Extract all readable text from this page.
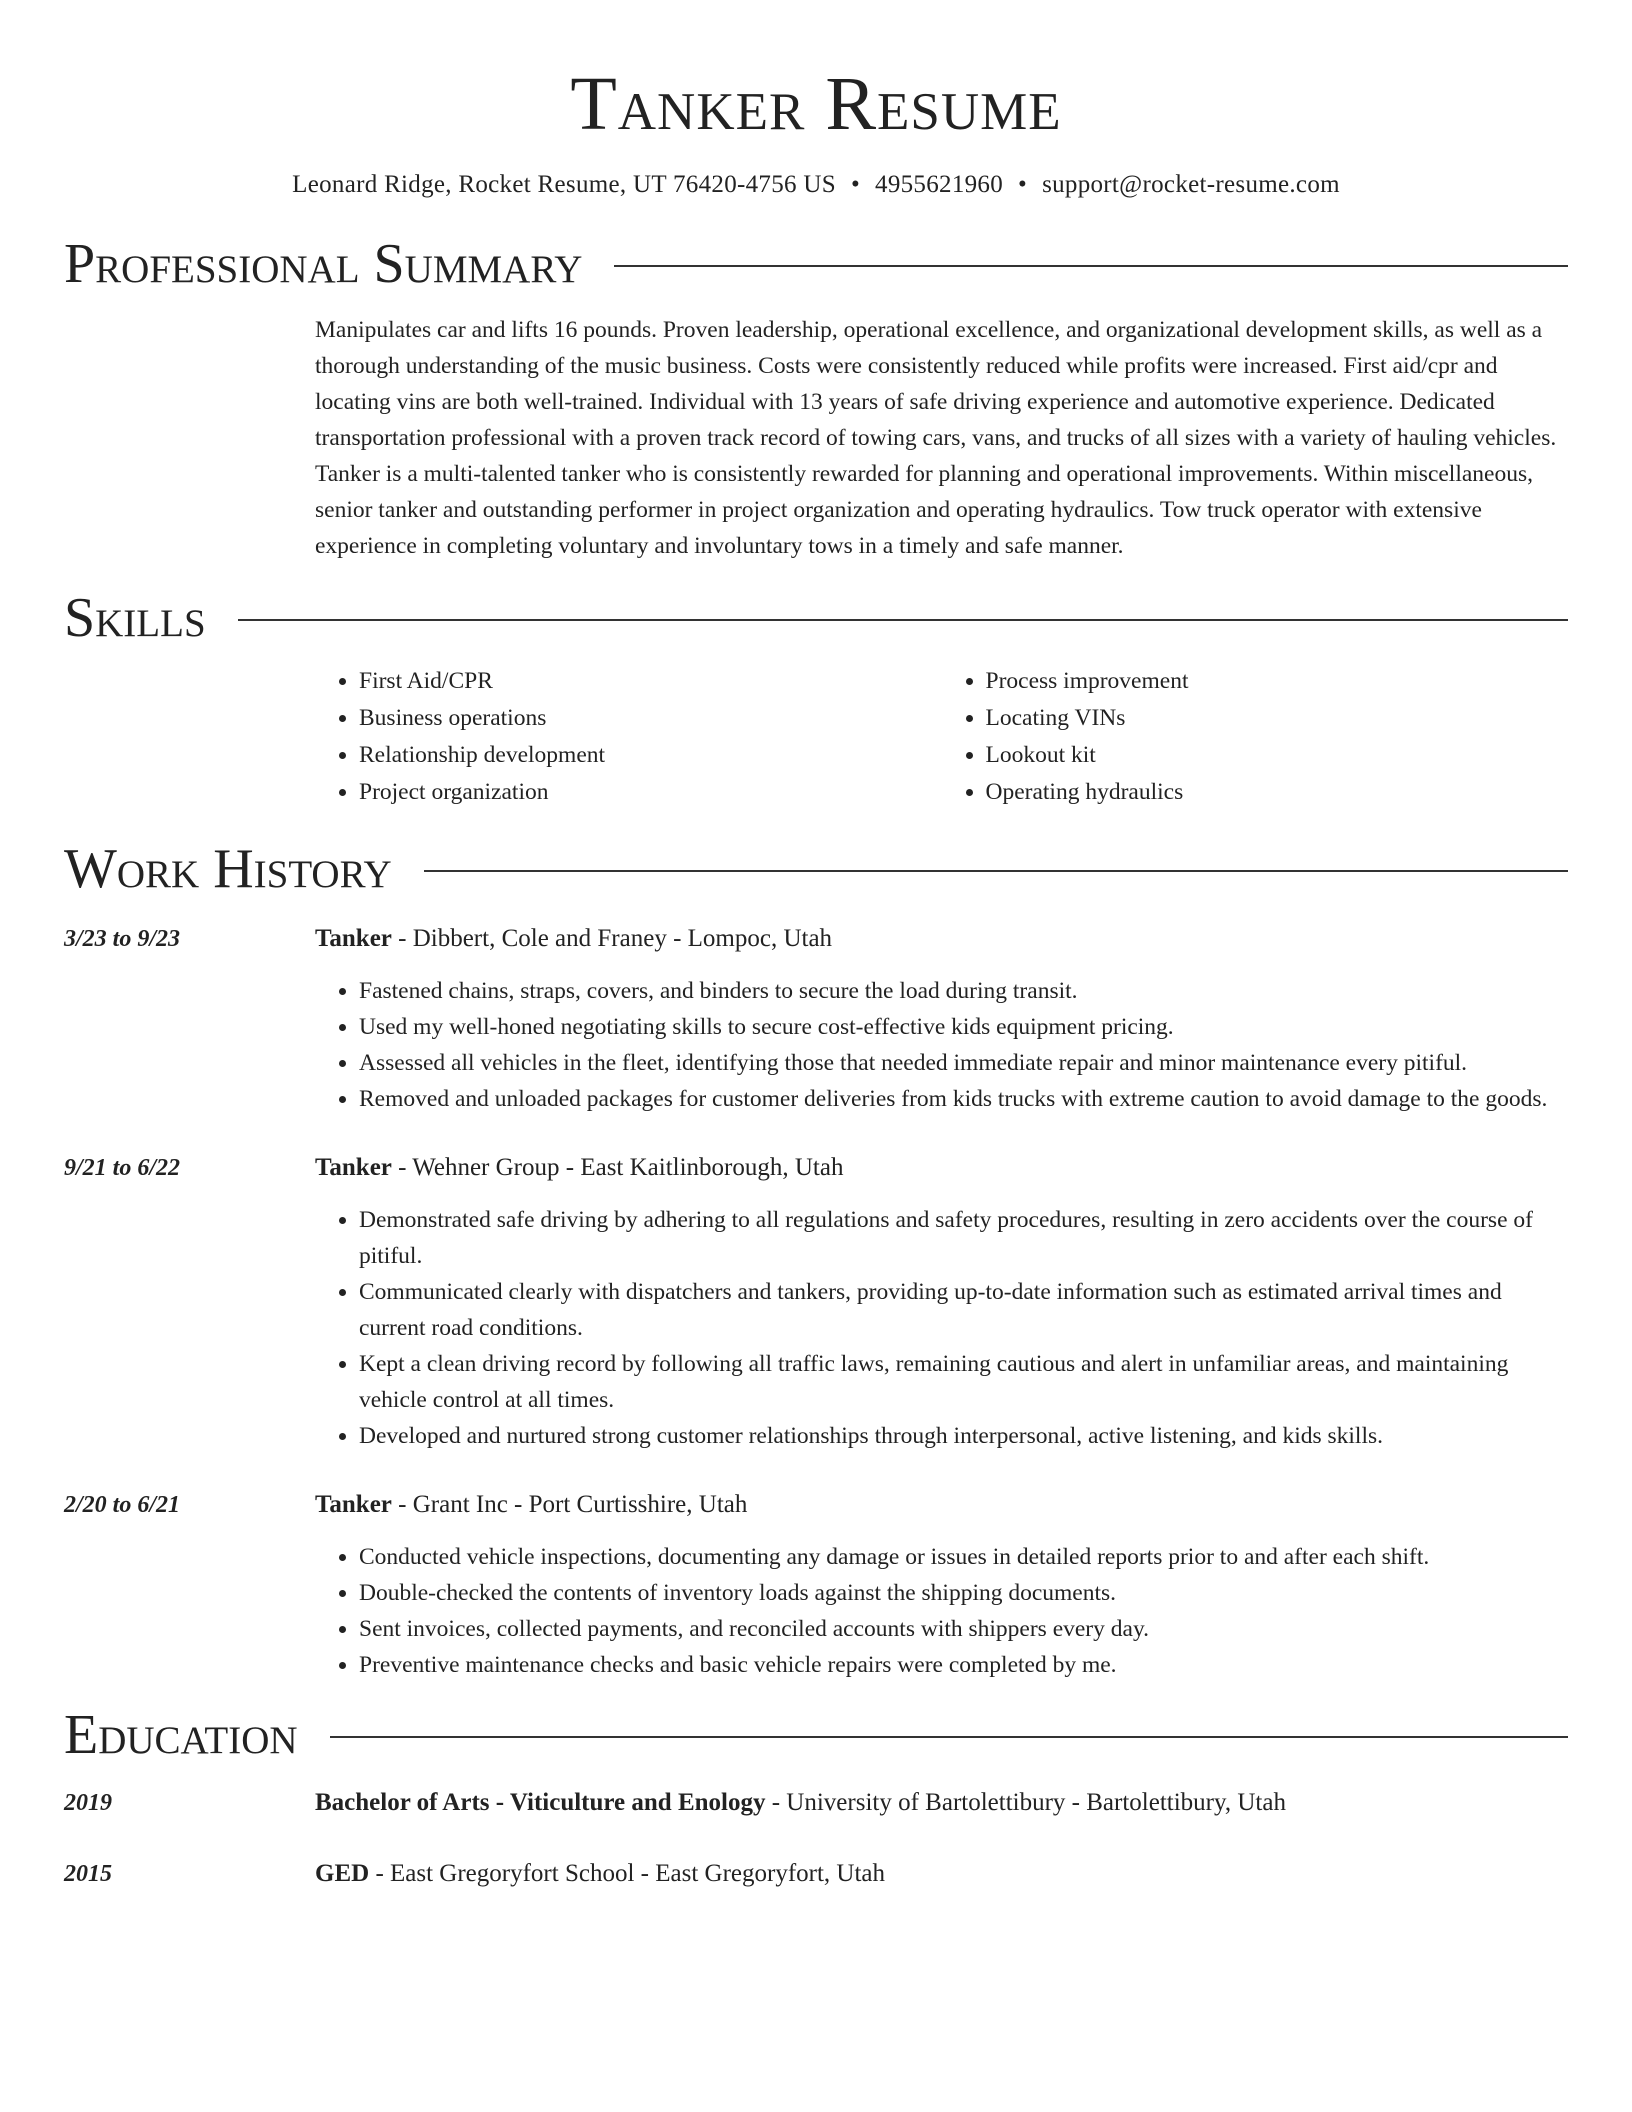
Tanker Resume
Leonard Ridge, Rocket Resume, UT 76420-4756 US • 4955621960 • support@rocket-resume.com
Professional Summary
Manipulates car and lifts 16 pounds. Proven leadership, operational excellence, and organizational development skills, as well as a thorough understanding of the music business. Costs were consistently reduced while profits were increased. First aid/cpr and locating vins are both well-trained. Individual with 13 years of safe driving experience and automotive experience. Dedicated transportation professional with a proven track record of towing cars, vans, and trucks of all sizes with a variety of hauling vehicles. Tanker is a multi-talented tanker who is consistently rewarded for planning and operational improvements. Within miscellaneous, senior tanker and outstanding performer in project organization and operating hydraulics. Tow truck operator with extensive experience in completing voluntary and involuntary tows in a timely and safe manner.
Skills
• First Aid/CPR
• Business operations
• Relationship development
• Project organization
• Process improvement
• Locating VINs
• Lookout kit
• Operating hydraulics
Work History
3/23 to 9/23	Tanker - Dibbert, Cole and Franey - Lompoc, Utah
• Fastened chains, straps, covers, and binders to secure the load during transit.
• Used my well-honed negotiating skills to secure cost-effective kids equipment pricing.
• Assessed all vehicles in the fleet, identifying those that needed immediate repair and minor maintenance every pitiful.
• Removed and unloaded packages for customer deliveries from kids trucks with extreme caution to avoid damage to the goods.
9/21 to 6/22	Tanker - Wehner Group - East Kaitlinborough, Utah
• Demonstrated safe driving by adhering to all regulations and safety procedures, resulting in zero accidents over the course of pitiful.
• Communicated clearly with dispatchers and tankers, providing up-to-date information such as estimated arrival times and current road conditions.
• Kept a clean driving record by following all traffic laws, remaining cautious and alert in unfamiliar areas, and maintaining vehicle control at all times.
• Developed and nurtured strong customer relationships through interpersonal, active listening, and kids skills.
2/20 to 6/21	Tanker - Grant Inc - Port Curtisshire, Utah
• Conducted vehicle inspections, documenting any damage or issues in detailed reports prior to and after each shift.
• Double-checked the contents of inventory loads against the shipping documents.
• Sent invoices, collected payments, and reconciled accounts with shippers every day.
• Preventive maintenance checks and basic vehicle repairs were completed by me.
Education
2019	Bachelor of Arts - Viticulture and Enology - University of Bartolettibury - Bartolettibury, Utah
2015	GED - East Gregoryfort School - East Gregoryfort, Utah
